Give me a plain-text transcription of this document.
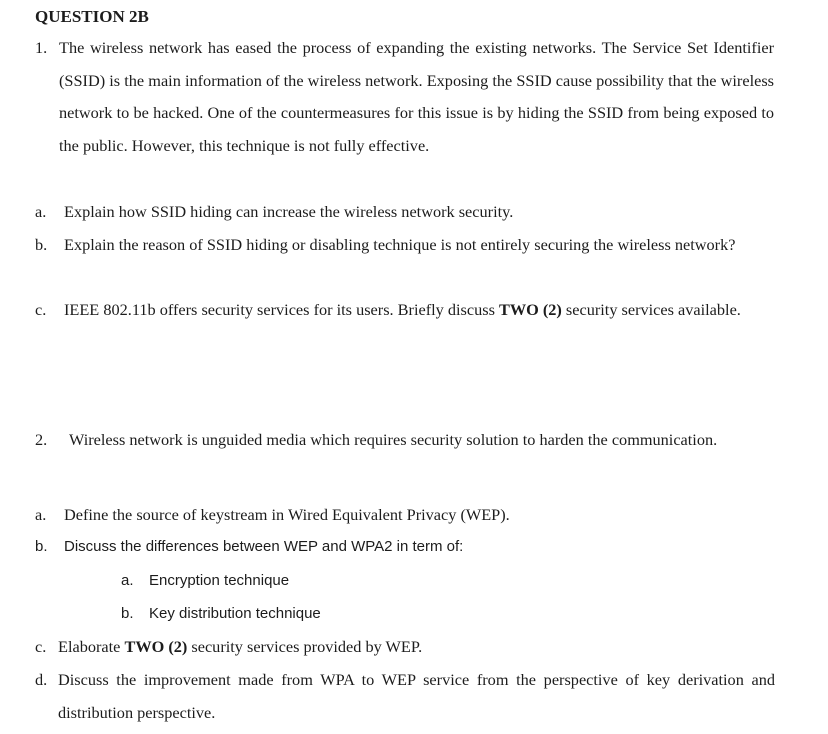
QUESTION 2B
1. The wireless network has eased the process of expanding the existing networks. The Service Set Identifier (SSID) is the main information of the wireless network. Exposing the SSID cause possibility that the wireless network to be hacked. One of the countermeasures for this issue is by hiding the SSID from being exposed to the public. However, this technique is not fully effective.
a. Explain how SSID hiding can increase the wireless network security.
b. Explain the reason of SSID hiding or disabling technique is not entirely securing the wireless network?
c. IEEE 802.11b offers security services for its users. Briefly discuss TWO (2) security services available.
2. Wireless network is unguided media which requires security solution to harden the communication.
a. Define the source of keystream in Wired Equivalent Privacy (WEP).
b. Discuss the differences between WEP and WPA2 in term of:
a. Encryption technique
b. Key distribution technique
c. Elaborate TWO (2) security services provided by WEP.
d. Discuss the improvement made from WPA to WEP service from the perspective of key derivation and distribution perspective.
